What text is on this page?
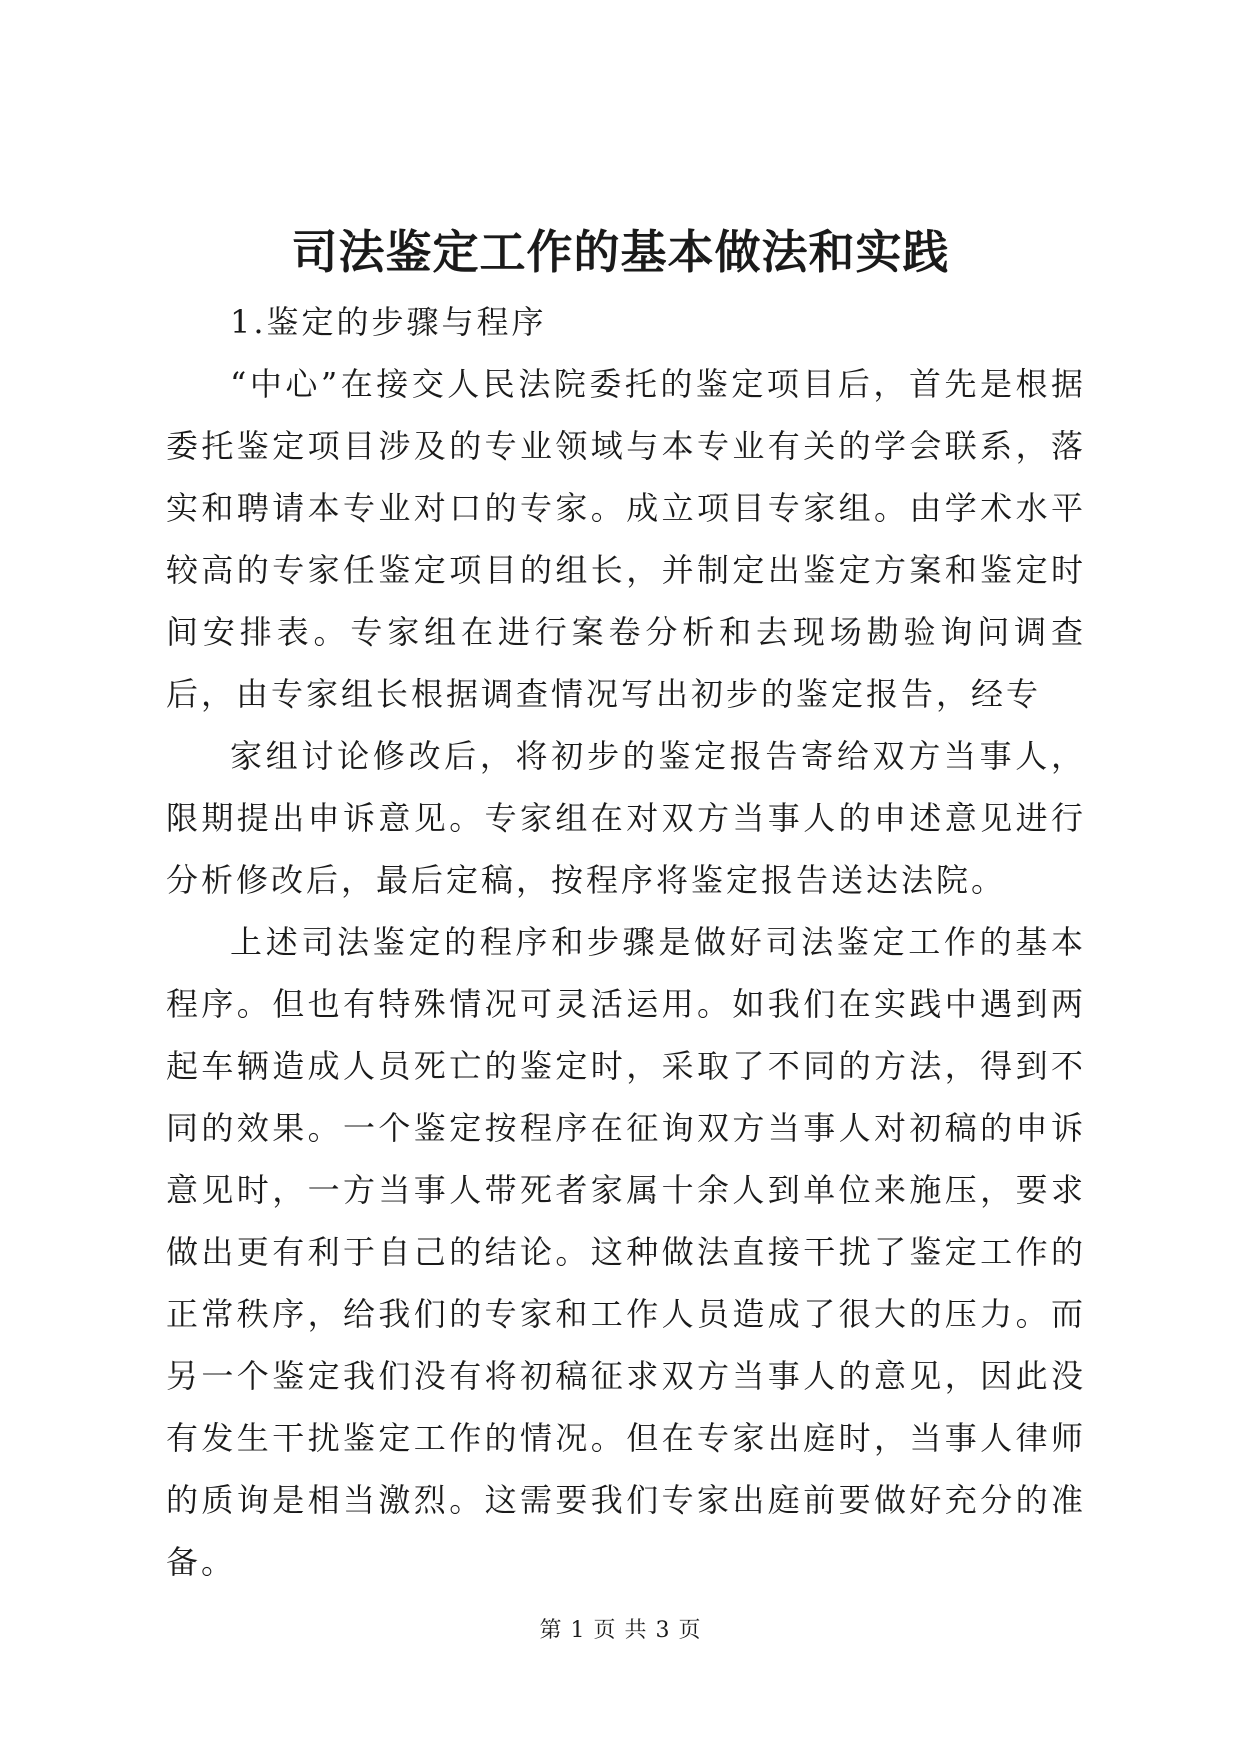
司法鉴定工作的基本做法和实践
1.鉴定的步骤与程序

“中心”在接交人民法院委托的鉴定项目后，首先是根据委托鉴定项目涉及的专业领域与本专业有关的学会联系，落实和聘请本专业对口的专家。成立项目专家组。由学术水平较高的专家任鉴定项目的组长，并制定出鉴定方案和鉴定时间安排表。专家组在进行案卷分析和去现场勘验询问调查后，由专家组长根据调查情况写出初步的鉴定报告，经专

家组讨论修改后，将初步的鉴定报告寄给双方当事人，限期提出申诉意见。专家组在对双方当事人的申述意见进行分析修改后，最后定稿，按程序将鉴定报告送达法院。

上述司法鉴定的程序和步骤是做好司法鉴定工作的基本程序。但也有特殊情况可灵活运用。如我们在实践中遇到两起车辆造成人员死亡的鉴定时，采取了不同的方法，得到不同的效果。一个鉴定按程序在征询双方当事人对初稿的申诉意见时，一方当事人带死者家属十余人到单位来施压，要求做出更有利于自己的结论。这种做法直接干扰了鉴定工作的正常秩序，给我们的专家和工作人员造成了很大的压力。而另一个鉴定我们没有将初稿征求双方当事人的意见，因此没有发生干扰鉴定工作的情况。但在专家出庭时，当事人律师的质询是相当激烈。这需要我们专家出庭前要做好充分的准备。

第 1 页 共 3 页
